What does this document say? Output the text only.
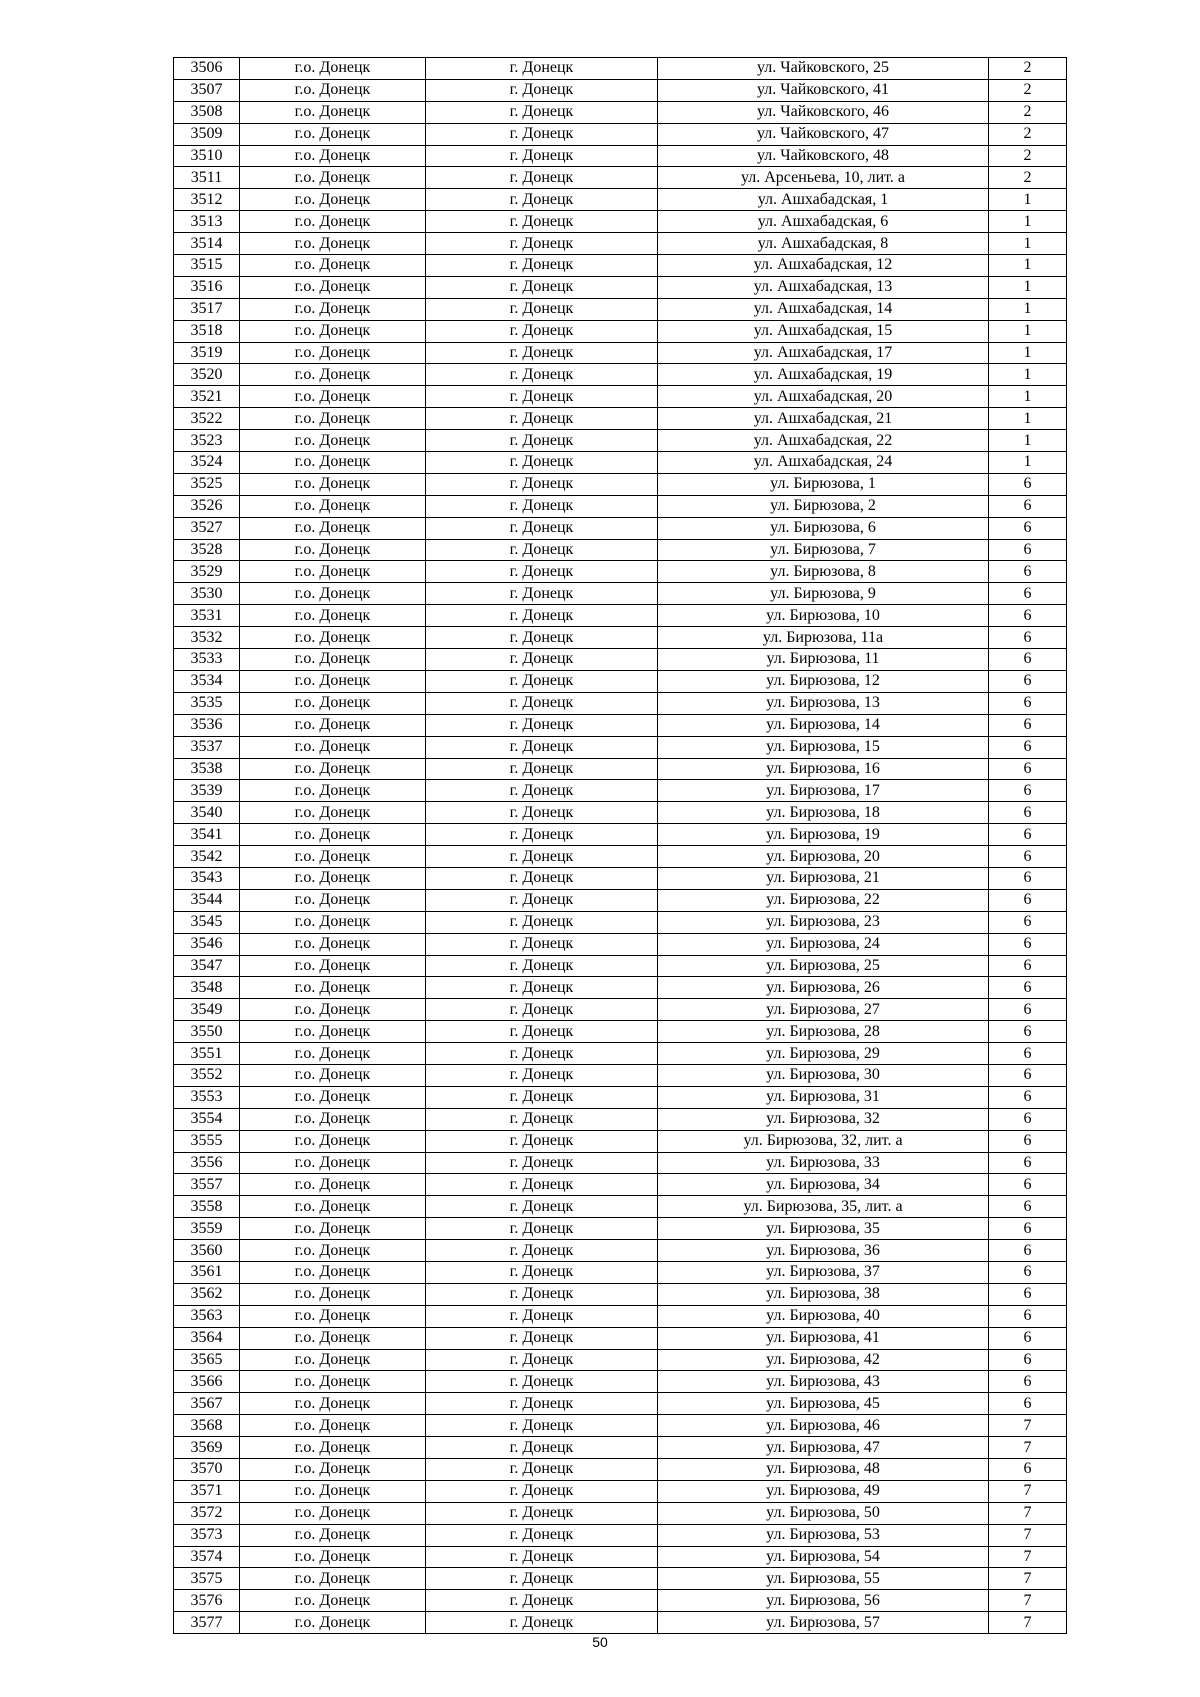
3506	г.о. Донецк	г. Донецк	ул. Чайковского, 25	2
3507	г.о. Донецк	г. Донецк	ул. Чайковского, 41	2
3508	г.о. Донецк	г. Донецк	ул. Чайковского, 46	2
3509	г.о. Донецк	г. Донецк	ул. Чайковского, 47	2
3510	г.о. Донецк	г. Донецк	ул. Чайковского, 48	2
3511	г.о. Донецк	г. Донецк	ул. Арсеньева, 10, лит. а	2
3512	г.о. Донецк	г. Донецк	ул. Ашхабадская, 1	1
3513	г.о. Донецк	г. Донецк	ул. Ашхабадская, 6	1
3514	г.о. Донецк	г. Донецк	ул. Ашхабадская, 8	1
3515	г.о. Донецк	г. Донецк	ул. Ашхабадская, 12	1
3516	г.о. Донецк	г. Донецк	ул. Ашхабадская, 13	1
3517	г.о. Донецк	г. Донецк	ул. Ашхабадская, 14	1
3518	г.о. Донецк	г. Донецк	ул. Ашхабадская, 15	1
3519	г.о. Донецк	г. Донецк	ул. Ашхабадская, 17	1
3520	г.о. Донецк	г. Донецк	ул. Ашхабадская, 19	1
3521	г.о. Донецк	г. Донецк	ул. Ашхабадская, 20	1
3522	г.о. Донецк	г. Донецк	ул. Ашхабадская, 21	1
3523	г.о. Донецк	г. Донецк	ул. Ашхабадская, 22	1
3524	г.о. Донецк	г. Донецк	ул. Ашхабадская, 24	1
3525	г.о. Донецк	г. Донецк	ул. Бирюзова, 1	6
3526	г.о. Донецк	г. Донецк	ул. Бирюзова, 2	6
3527	г.о. Донецк	г. Донецк	ул. Бирюзова, 6	6
3528	г.о. Донецк	г. Донецк	ул. Бирюзова, 7	6
3529	г.о. Донецк	г. Донецк	ул. Бирюзова, 8	6
3530	г.о. Донецк	г. Донецк	ул. Бирюзова, 9	6
3531	г.о. Донецк	г. Донецк	ул. Бирюзова, 10	6
3532	г.о. Донецк	г. Донецк	ул. Бирюзова, 11а	6
3533	г.о. Донецк	г. Донецк	ул. Бирюзова, 11	6
3534	г.о. Донецк	г. Донецк	ул. Бирюзова, 12	6
3535	г.о. Донецк	г. Донецк	ул. Бирюзова, 13	6
3536	г.о. Донецк	г. Донецк	ул. Бирюзова, 14	6
3537	г.о. Донецк	г. Донецк	ул. Бирюзова, 15	6
3538	г.о. Донецк	г. Донецк	ул. Бирюзова, 16	6
3539	г.о. Донецк	г. Донецк	ул. Бирюзова, 17	6
3540	г.о. Донецк	г. Донецк	ул. Бирюзова, 18	6
3541	г.о. Донецк	г. Донецк	ул. Бирюзова, 19	6
3542	г.о. Донецк	г. Донецк	ул. Бирюзова, 20	6
3543	г.о. Донецк	г. Донецк	ул. Бирюзова, 21	6
3544	г.о. Донецк	г. Донецк	ул. Бирюзова, 22	6
3545	г.о. Донецк	г. Донецк	ул. Бирюзова, 23	6
3546	г.о. Донецк	г. Донецк	ул. Бирюзова, 24	6
3547	г.о. Донецк	г. Донецк	ул. Бирюзова, 25	6
3548	г.о. Донецк	г. Донецк	ул. Бирюзова, 26	6
3549	г.о. Донецк	г. Донецк	ул. Бирюзова, 27	6
3550	г.о. Донецк	г. Донецк	ул. Бирюзова, 28	6
3551	г.о. Донецк	г. Донецк	ул. Бирюзова, 29	6
3552	г.о. Донецк	г. Донецк	ул. Бирюзова, 30	6
3553	г.о. Донецк	г. Донецк	ул. Бирюзова, 31	6
3554	г.о. Донецк	г. Донецк	ул. Бирюзова, 32	6
3555	г.о. Донецк	г. Донецк	ул. Бирюзова, 32, лит. а	6
3556	г.о. Донецк	г. Донецк	ул. Бирюзова, 33	6
3557	г.о. Донецк	г. Донецк	ул. Бирюзова, 34	6
3558	г.о. Донецк	г. Донецк	ул. Бирюзова, 35, лит. а	6
3559	г.о. Донецк	г. Донецк	ул. Бирюзова, 35	6
3560	г.о. Донецк	г. Донецк	ул. Бирюзова, 36	6
3561	г.о. Донецк	г. Донецк	ул. Бирюзова, 37	6
3562	г.о. Донецк	г. Донецк	ул. Бирюзова, 38	6
3563	г.о. Донецк	г. Донецк	ул. Бирюзова, 40	6
3564	г.о. Донецк	г. Донецк	ул. Бирюзова, 41	6
3565	г.о. Донецк	г. Донецк	ул. Бирюзова, 42	6
3566	г.о. Донецк	г. Донецк	ул. Бирюзова, 43	6
3567	г.о. Донецк	г. Донецк	ул. Бирюзова, 45	6
3568	г.о. Донецк	г. Донецк	ул. Бирюзова, 46	7
3569	г.о. Донецк	г. Донецк	ул. Бирюзова, 47	7
3570	г.о. Донецк	г. Донецк	ул. Бирюзова, 48	6
3571	г.о. Донецк	г. Донецк	ул. Бирюзова, 49	7
3572	г.о. Донецк	г. Донецк	ул. Бирюзова, 50	7
3573	г.о. Донецк	г. Донецк	ул. Бирюзова, 53	7
3574	г.о. Донецк	г. Донецк	ул. Бирюзова, 54	7
3575	г.о. Донецк	г. Донецк	ул. Бирюзова, 55	7
3576	г.о. Донецк	г. Донецк	ул. Бирюзова, 56	7
3577	г.о. Донецк	г. Донецк	ул. Бирюзова, 57	7
50
